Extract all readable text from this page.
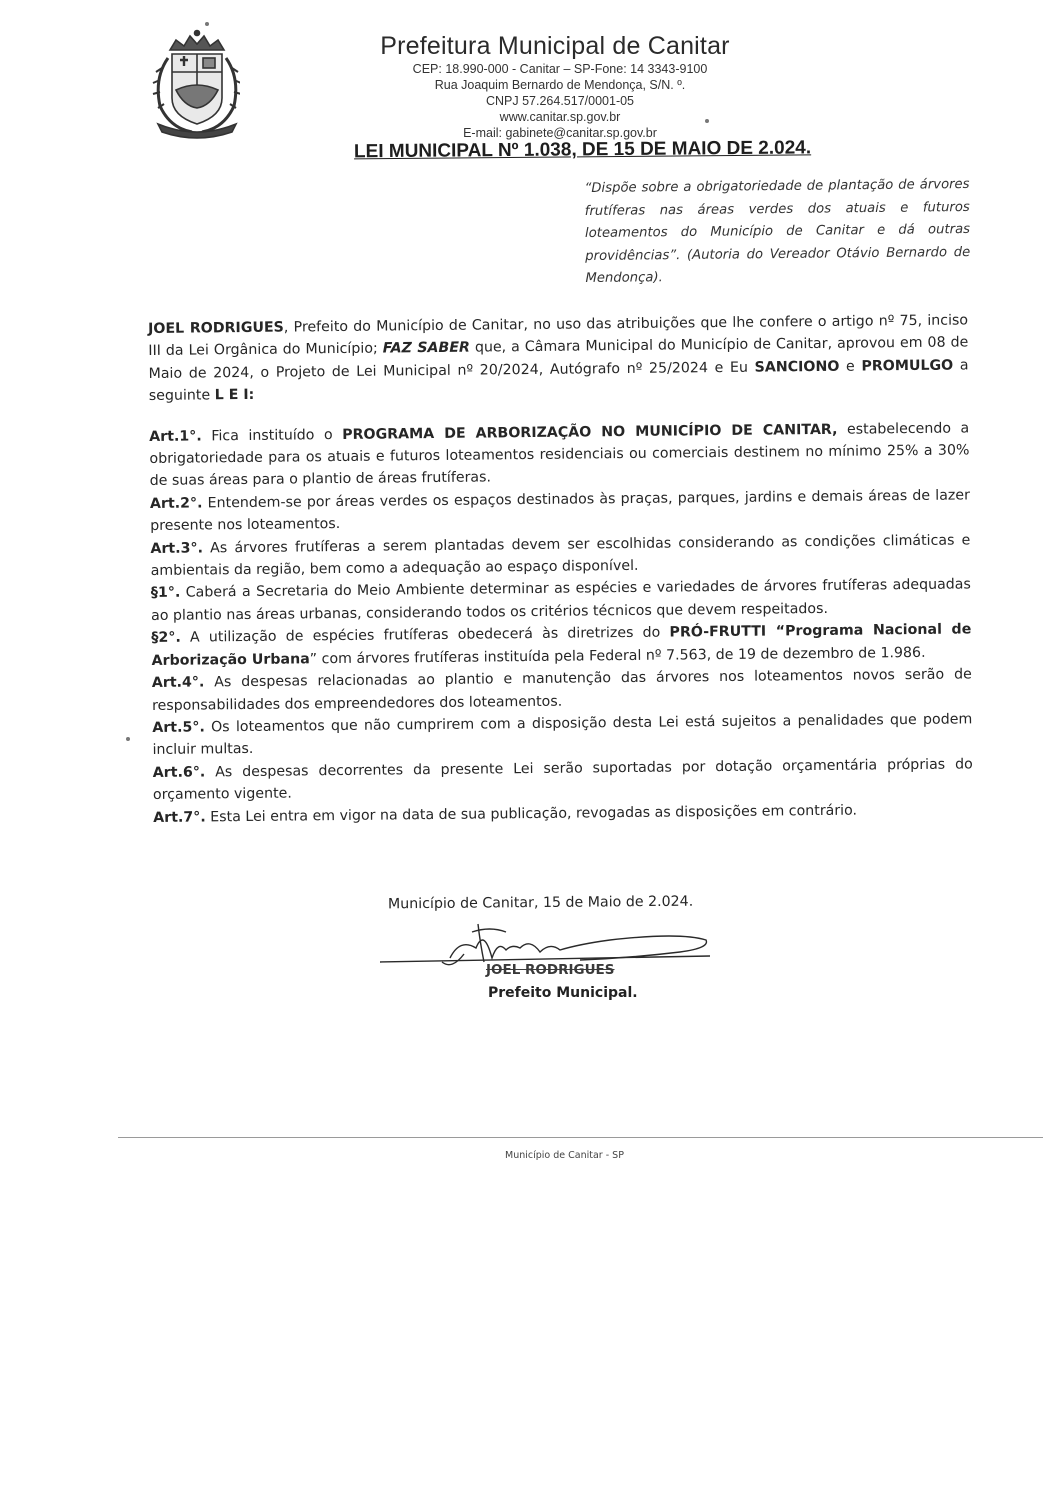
Prefeitura Municipal de Canitar
CEP: 18.990-000 - Canitar – SP-Fone: 14 3343-9100
Rua Joaquim Bernardo de Mendonça, S/N. º.
CNPJ 57.264.517/0001-05
www.canitar.sp.gov.br
E-mail: gabinete@canitar.sp.gov.br
LEI MUNICIPAL Nº 1.038, DE 15 DE MAIO DE 2.024.
“Dispõe sobre a obrigatoriedade de plantação de árvores frutíferas nas áreas verdes dos atuais e futuros loteamentos do Município de Canitar e dá outras providências”. (Autoria do Vereador Otávio Bernardo de Mendonça).

JOEL RODRIGUES, Prefeito do Município de Canitar, no uso das atribuições que lhe confere o artigo nº 75, inciso III da Lei Orgânica do Município; FAZ SABER que, a Câmara Municipal do Município de Canitar, aprovou em 08 de Maio de 2024, o Projeto de Lei Municipal nº 20/2024, Autógrafo nº 25/2024 e Eu SANCIONO e PROMULGO a seguinte L E I:

Art.1°. Fica instituído o PROGRAMA DE ARBORIZAÇÃO NO MUNICÍPIO DE CANITAR, estabelecendo a obrigatoriedade para os atuais e futuros loteamentos residenciais ou comerciais destinem no mínimo 25% a 30% de suas áreas para o plantio de áreas frutíferas.

Art.2°. Entendem-se por áreas verdes os espaços destinados às praças, parques, jardins e demais áreas de lazer presente nos loteamentos.

Art.3°. As árvores frutíferas a serem plantadas devem ser escolhidas considerando as condições climáticas e ambientais da região, bem como a adequação ao espaço disponível.

§1°. Caberá a Secretaria do Meio Ambiente determinar as espécies e variedades de árvores frutíferas adequadas ao plantio nas áreas urbanas, considerando todos os critérios técnicos que devem respeitados.

§2°. A utilização de espécies frutíferas obedecerá às diretrizes do PRÓ-FRUTTI “Programa Nacional de Arborização Urbana” com árvores frutíferas instituída pela Federal nº 7.563, de 19 de dezembro de 1.986.

Art.4°. As despesas relacionadas ao plantio e manutenção das árvores nos loteamentos novos serão de responsabilidades dos empreendedores dos loteamentos.

Art.5°. Os loteamentos que não cumprirem com a disposição desta Lei está sujeitos a penalidades que podem incluir multas.

Art.6°. As despesas decorrentes da presente Lei serão suportadas por dotação orçamentária próprias do orçamento vigente.

Art.7°. Esta Lei entra em vigor na data de sua publicação, revogadas as disposições em contrário.

Município de Canitar, 15 de Maio de 2.024.
JOEL RODRIGUES
Prefeito Municipal.
Município de Canitar - SP
